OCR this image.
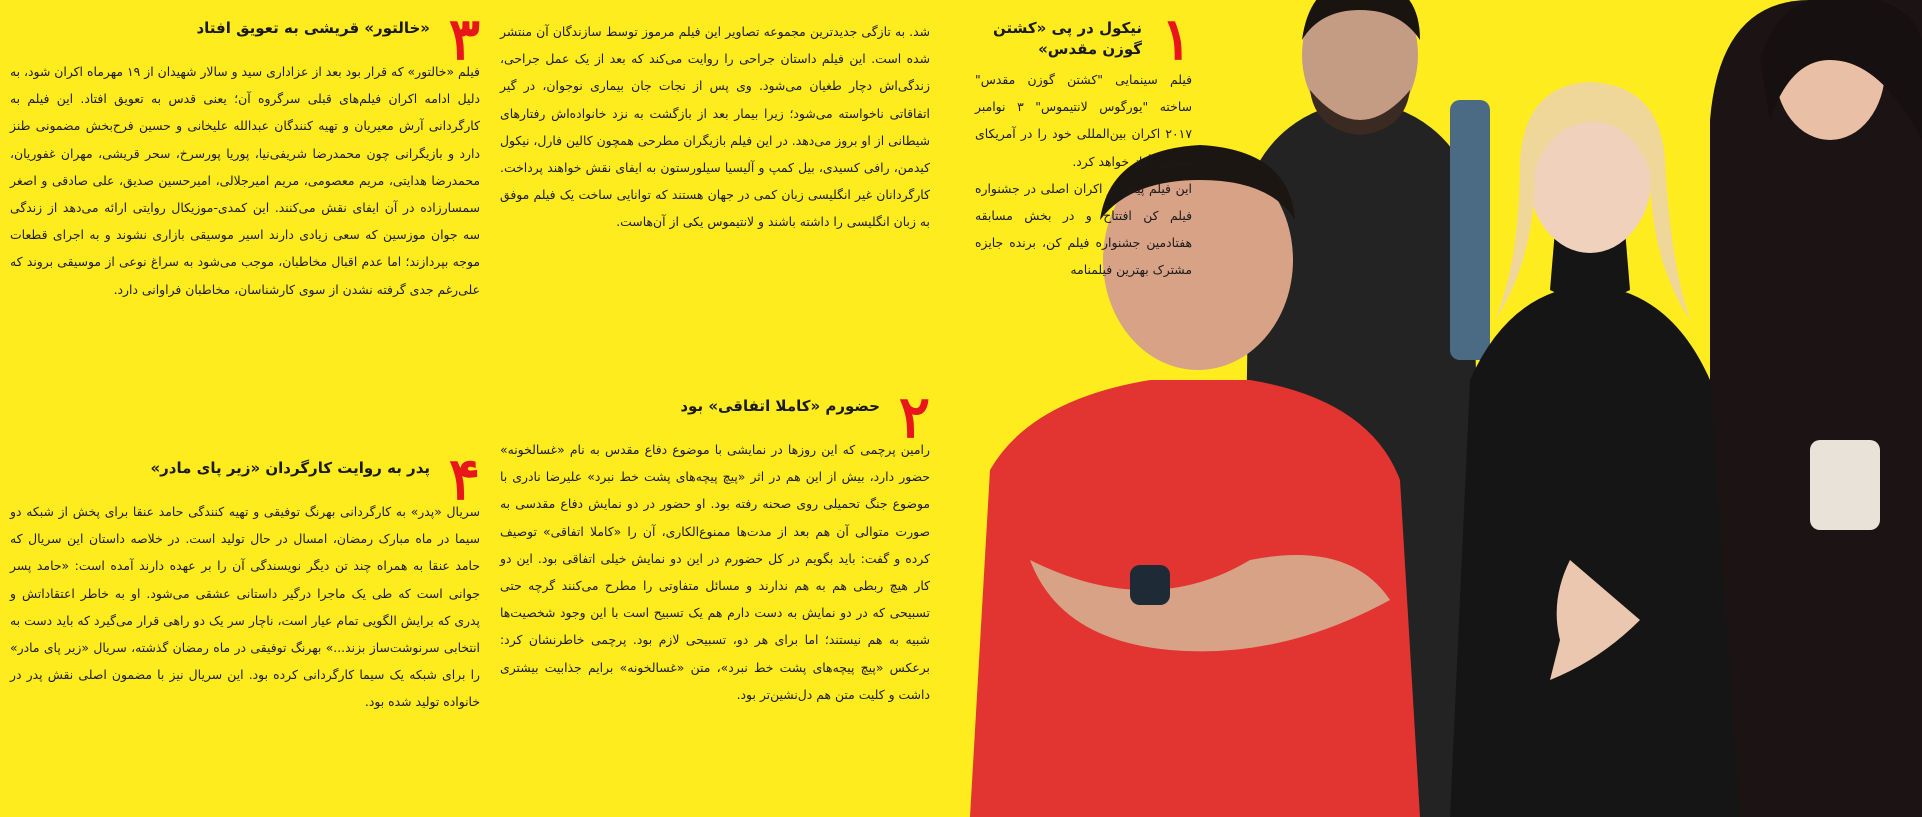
۳
«خالتور» قریشی به تعویق افتاد
فیلم «خالتور» که قرار بود بعد از عزاداری سید و سالار شهیدان از ۱۹ مهرماه اکران شود، به دلیل ادامه اکران فیلم‌های قبلی سرگروه آن؛ یعنی قدس به تعویق افتاد. این فیلم به کارگردانی آرش معیریان و تهیه کنندگان عبدالله علیخانی و حسین فرح‌بخش مضمونی طنز دارد و بازیگرانی چون محمدرضا شریفی‌نیا، پوریا پورسرخ، سحر قریشی، مهران غفوریان، محمدرضا هدایتی، مریم معصومی، مریم امیرجلالی، امیرحسین صدیق، علی صادقی و اصغر سمسارزاده در آن ایفای نقش می‌کنند. این کمدی-موزیکال روایتی ارائه می‌دهد از زندگی سه جوان موزسین که سعی زیادی دارند اسیر موسیقی بازاری نشوند و به اجرای قطعات موجه بپردازند؛ اما عدم اقبال مخاطبان، موجب می‌شود به سراغ نوعی از موسیقی بروند که علی‌رغم جدی گرفته نشدن از سوی کارشناسان، مخاطبان فراوانی دارد.
۴
پدر به روایت کارگردان «زیر پای مادر»
سریال «پدر» به کارگردانی بهرنگ توفیقی و تهیه کنندگی حامد عنقا برای پخش از شبکه دو سیما در ماه مبارک رمضان، امسال در حال تولید است. در خلاصه داستان این سریال که حامد عنقا به همراه چند تن دیگر نویسندگی آن را بر عهده دارند آمده است: «حامد پسر جوانی است که طی یک ماجرا درگیر داستانی عشقی می‌شود. او به خاطر اعتقاداتش و پدری که برایش الگویی تمام عیار است، ناچار سر یک دو راهی قرار می‌گیرد که باید دست به انتخابی سرنوشت‌ساز بزند...» بهرنگ توفیقی در ماه رمضان گذشته، سریال «زیر پای مادر» را برای شبکه یک سیما کارگردانی کرده بود. این سریال نیز با مضمون اصلی نقش پدر در خانواده تولید شده بود.
شد. به تازگی جدیدترین مجموعه تصاویر این فیلم مرموز توسط سازندگان آن منتشر شده است. این فیلم داستان جراحی را روایت می‌کند که بعد از یک عمل جراحی، زندگی‌اش دچار طغیان می‌شود. وی پس از نجات جان بیماری نوجوان، در گیر اتفاقاتی ناخواسته می‌شود؛ زیرا بیمار بعد از بازگشت به نزد خانواده‌اش رفتارهای شیطانی از او بروز می‌دهد. در این فیلم بازیگران مطرحی همچون کالین فارل، نیکول کیدمن، رافی کسیدی، بیل کمپ و آلیسیا سیلورستون به ایفای نقش خواهند پرداخت. کارگردانان غیر انگلیسی زبان کمی در جهان هستند که توانایی ساخت یک فیلم موفق به زبان انگلیسی را داشته باشند و لانتیموس یکی از آن‌هاست.
۲
حضورم «کاملا اتفاقی» بود
رامین پرچمی که این روزها در نمایشی با موضوع دفاع مقدس به نام «غسالخونه» حضور دارد، بیش از این هم در اثر «پیچ پیچه‌های پشت خط نبرد» علیرضا نادری با موضوع جنگ تحمیلی روی صحنه رفته بود. او حضور در دو نمایش دفاع مقدسی به صورت متوالی آن هم بعد از مدت‌ها ممنوع‌الکاری، آن را «کاملا اتفاقی» توصیف کرده و گفت: باید بگویم در کل حضورم در این دو نمایش خیلی اتفاقی بود. این دو کار هیچ ربطی هم به هم ندارند و مسائل متفاوتی را مطرح می‌کنند گرچه حتی تسبیحی که در دو نمایش به دست دارم هم یک تسبیح است با این وجود شخصیت‌ها شبیه به هم نیستند؛ اما برای هر دو، تسبیحی لازم بود. پرچمی خاطرنشان کرد: برعکس «پیچ پیچه‌های پشت خط نبرد»، متن «غسالخونه» برایم جذابیت بیشتری داشت و کلیت متن هم دل‌نشین‌تر بود.
۱
نیکول در پی «کشتن گوزن مقدس»

فیلم سینمایی "کشتن گوزن مقدس" ساخته "یورگوس لانتیموس" ۳ نوامبر ۲۰۱۷ اکران بین‌المللی خود را در آمریکای شمالی آغاز خواهد کرد.

این فیلم پیش از اکران اصلی در جشنواره فیلم کن افتتاح و در بخش مسابقه هفتادمین جشنواره فیلم کن، برنده جایزه مشترک بهترین فیلمنامه
